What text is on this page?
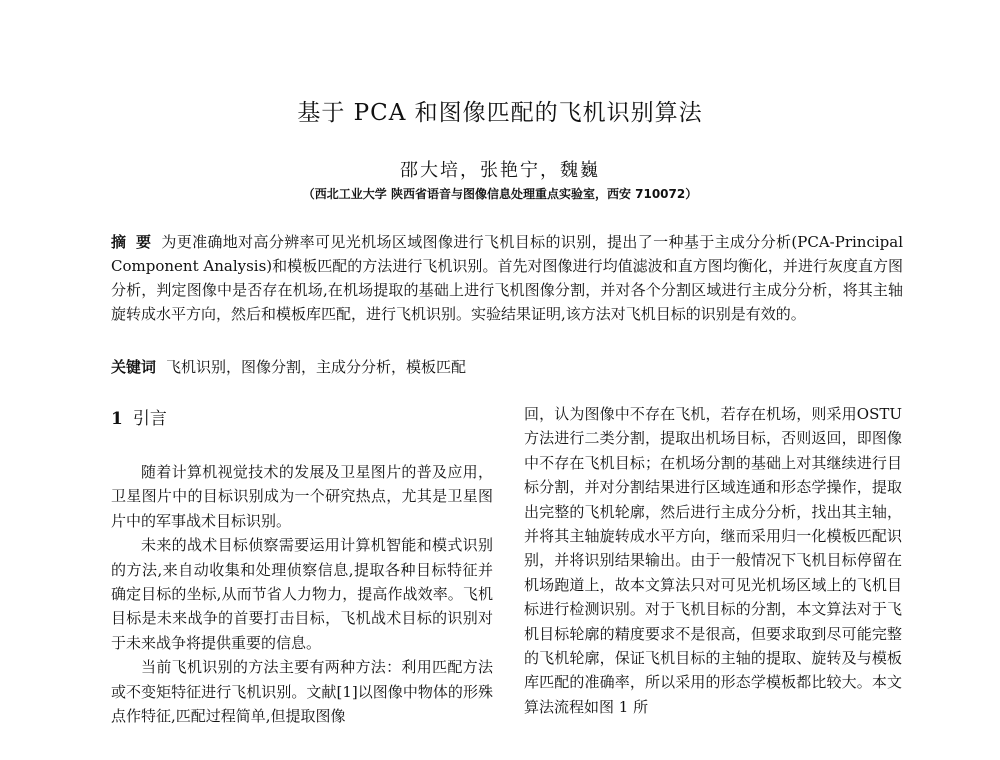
基于 PCA 和图像匹配的飞机识别算法
邵大培，张艳宁，魏巍
（西北工业大学 陕西省语音与图像信息处理重点实验室，西安 710072）
摘 要 为更准确地对高分辨率可见光机场区域图像进行飞机目标的识别，提出了一种基于主成分分析(PCA-Principal Component Analysis)和模板匹配的方法进行飞机识别。首先对图像进行均值滤波和直方图均衡化，并进行灰度直方图分析，判定图像中是否存在机场,在机场提取的基础上进行飞机图像分割，并对各个分割区域进行主成分分析，将其主轴旋转成水平方向，然后和模板库匹配，进行飞机识别。实验结果证明,该方法对飞机目标的识别是有效的。
关键词 飞机识别，图像分割，主成分分析，模板匹配
1 引言

随着计算机视觉技术的发展及卫星图片的普及应用，卫星图片中的目标识别成为一个研究热点，尤其是卫星图片中的军事战术目标识别。

未来的战术目标侦察需要运用计算机智能和模式识别的方法,来自动收集和处理侦察信息,提取各种目标特征并确定目标的坐标,从而节省人力物力，提高作战效率。飞机目标是未来战争的首要打击目标，飞机战术目标的识别对于未来战争将提供重要的信息。

当前飞机识别的方法主要有两种方法：利用匹配方法或不变矩特征进行飞机识别。文献[1]以图像中物体的形殊点作特征,匹配过程简单,但提取图像

回，认为图像中不存在飞机，若存在机场，则采用OSTU 方法进行二类分割，提取出机场目标，否则返回，即图像中不存在飞机目标；在机场分割的基础上对其继续进行目标分割，并对分割结果进行区域连通和形态学操作，提取出完整的飞机轮廓，然后进行主成分分析，找出其主轴，并将其主轴旋转成水平方向，继而采用归一化模板匹配识别，并将识别结果输出。由于一般情况下飞机目标停留在机场跑道上，故本文算法只对可见光机场区域上的飞机目标进行检测识别。对于飞机目标的分割，本文算法对于飞机目标轮廓的精度要求不是很高，但要求取到尽可能完整的飞机轮廓，保证飞机目标的主轴的提取、旋转及与模板库匹配的准确率，所以采用的形态学模板都比较大。本文算法流程如图 1 所
